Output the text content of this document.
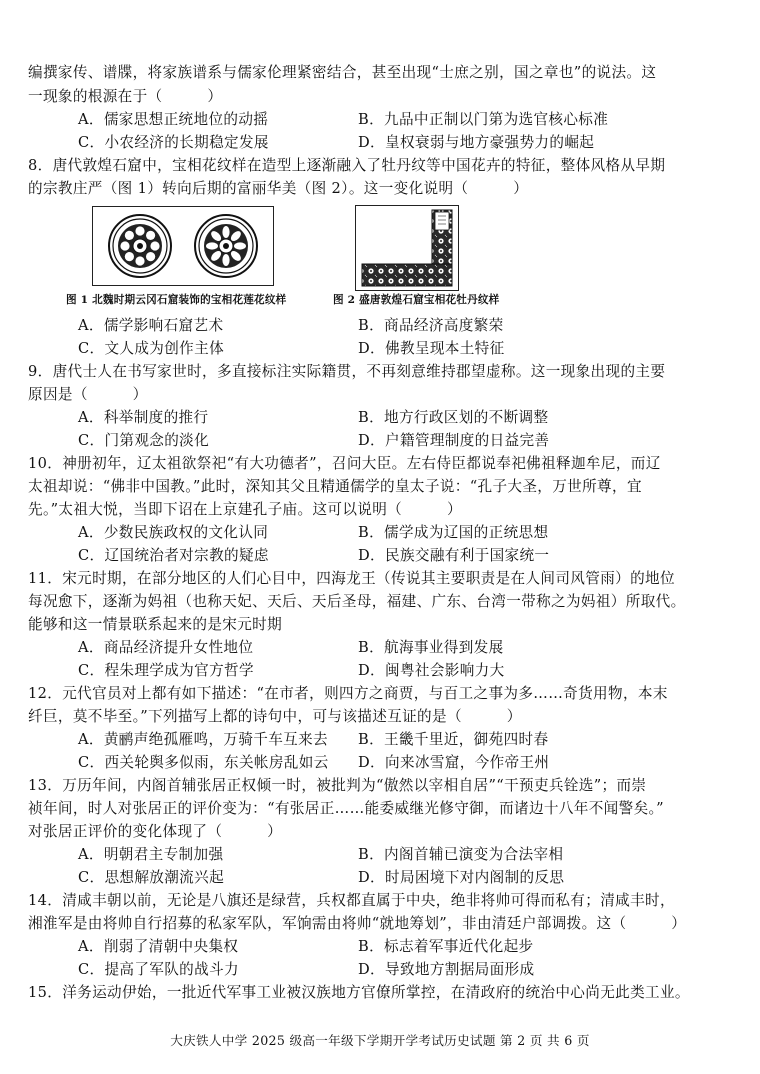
编撰家传、谱牒，将家族谱系与儒家伦理紧密结合，甚至出现“士庶之别，国之章也”的说法。这
一现象的根源在于（　　　）
A．儒家思想正统地位的动摇	B．九品中正制以门第为选官核心标准
C．小农经济的长期稳定发展	D．皇权衰弱与地方豪强势力的崛起
8．唐代敦煌石窟中，宝相花纹样在造型上逐渐融入了牡丹纹等中国花卉的特征，整体风格从早期
的宗教庄严（图 1）转向后期的富丽华美（图 2）。这一变化说明（　　　）
图 1 北魏时期云冈石窟装饰的宝相花莲花纹样	图 2 盛唐敦煌石窟宝相花牡丹纹样
A．儒学影响石窟艺术	B．商品经济高度繁荣
C．文人成为创作主体	D．佛教呈现本土特征
9．唐代士人在书写家世时，多直接标注实际籍贯，不再刻意维持郡望虚称。这一现象出现的主要
原因是（　　　）
A．科举制度的推行	B．地方行政区划的不断调整
C．门第观念的淡化	D．户籍管理制度的日益完善
10．神册初年，辽太祖欲祭祀“有大功德者”，召问大臣。左右侍臣都说奉祀佛祖释迦牟尼，而辽
太祖却说：“佛非中国教。”此时，深知其父且精通儒学的皇太子说：“孔子大圣，万世所尊，宜
先。”太祖大悦，当即下诏在上京建孔子庙。这可以说明（　　　）
A．少数民族政权的文化认同	B．儒学成为辽国的正统思想
C．辽国统治者对宗教的疑虑	D．民族交融有利于国家统一
11．宋元时期，在部分地区的人们心目中，四海龙王（传说其主要职责是在人间司风管雨）的地位
每况愈下，逐渐为妈祖（也称天妃、天后、天后圣母，福建、广东、台湾一带称之为妈祖）所取代。
能够和这一情景联系起来的是宋元时期
A．商品经济提升女性地位	B．航海事业得到发展
C．程朱理学成为官方哲学	D．闽粤社会影响力大
12．元代官员对上都有如下描述：“在市者，则四方之商贾，与百工之事为多……奇货用物，本末
纤巨，莫不毕至。”下列描写上都的诗句中，可与该描述互证的是（　　　）
A．黄鹂声绝孤雁鸣，万骑千车互来去 B．王畿千里近，御苑四时春
C．西关轮舆多似雨，东关帐房乱如云 D．向来冰雪窟，今作帝王州
13．万历年间，内阁首辅张居正权倾一时，被批判为“傲然以宰相自居”“干预吏兵铨选”；而崇
祯年间，时人对张居正的评价变为：“有张居正……能委威继光修守御，而诸边十八年不闻警矣。”
对张居正评价的变化体现了（　　　）
A．明朝君主专制加强	B．内阁首辅已演变为合法宰相
C．思想解放潮流兴起	D．时局困境下对内阁制的反思
14．清咸丰朝以前，无论是八旗还是绿营，兵权都直属于中央，绝非将帅可得而私有；清咸丰时，
湘淮军是由将帅自行招募的私家军队，军饷需由将帅“就地筹划”，非由清廷户部调拨。这（　　　）
A．削弱了清朝中央集权	B．标志着军事近代化起步
C．提高了军队的战斗力	D．导致地方割据局面形成
15．洋务运动伊始，一批近代军事工业被汉族地方官僚所掌控，在清政府的统治中心尚无此类工业。
大庆铁人中学 2025 级高一年级下学期开学考试历史试题 第 2 页 共 6 页
